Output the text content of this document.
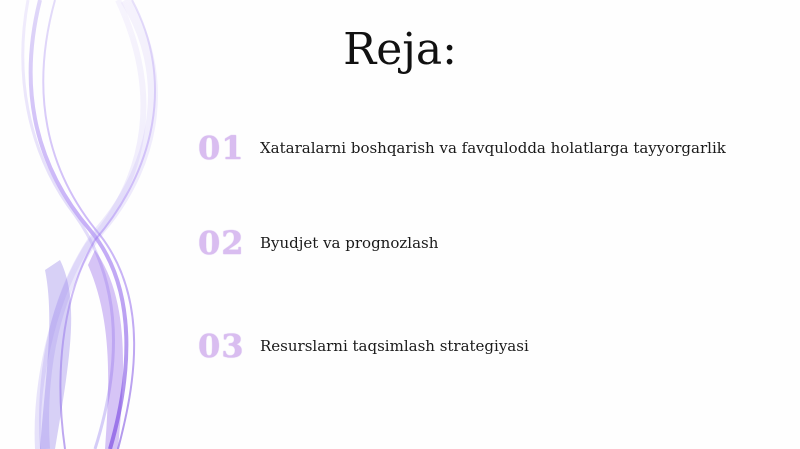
Reja:
01	Xataralarni boshqarish va favqulodda holatlarga tayyorgarlik
02	Byudjet va prognozlash
03	Resurslarni taqsimlash strategiyasi
